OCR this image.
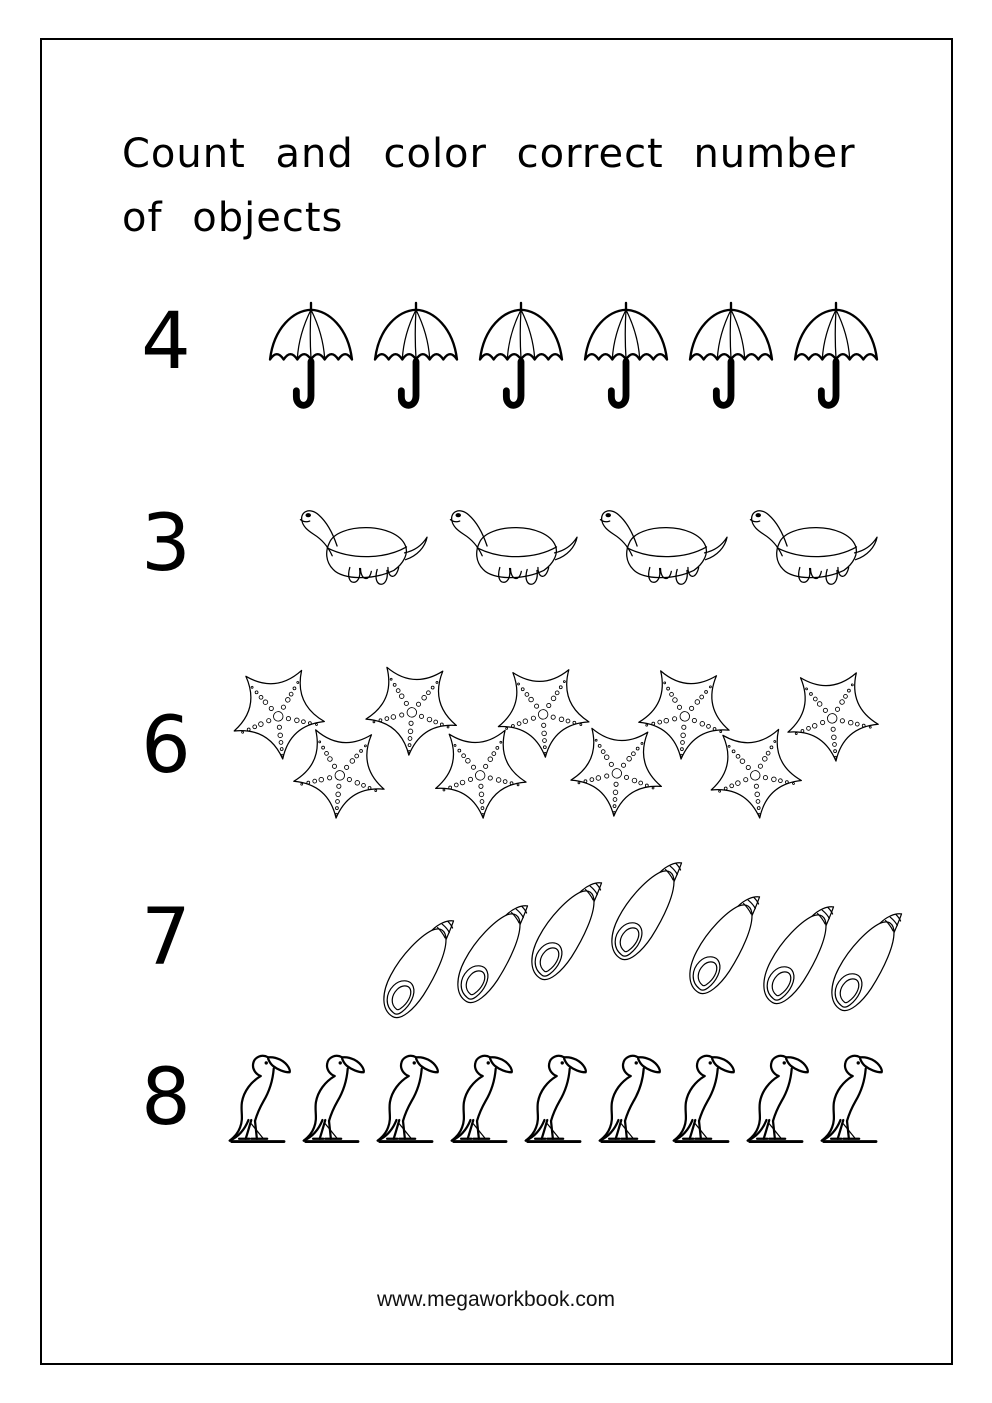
Count and color correct number of objects
4
3
6
7
8
www.megaworkbook.com
